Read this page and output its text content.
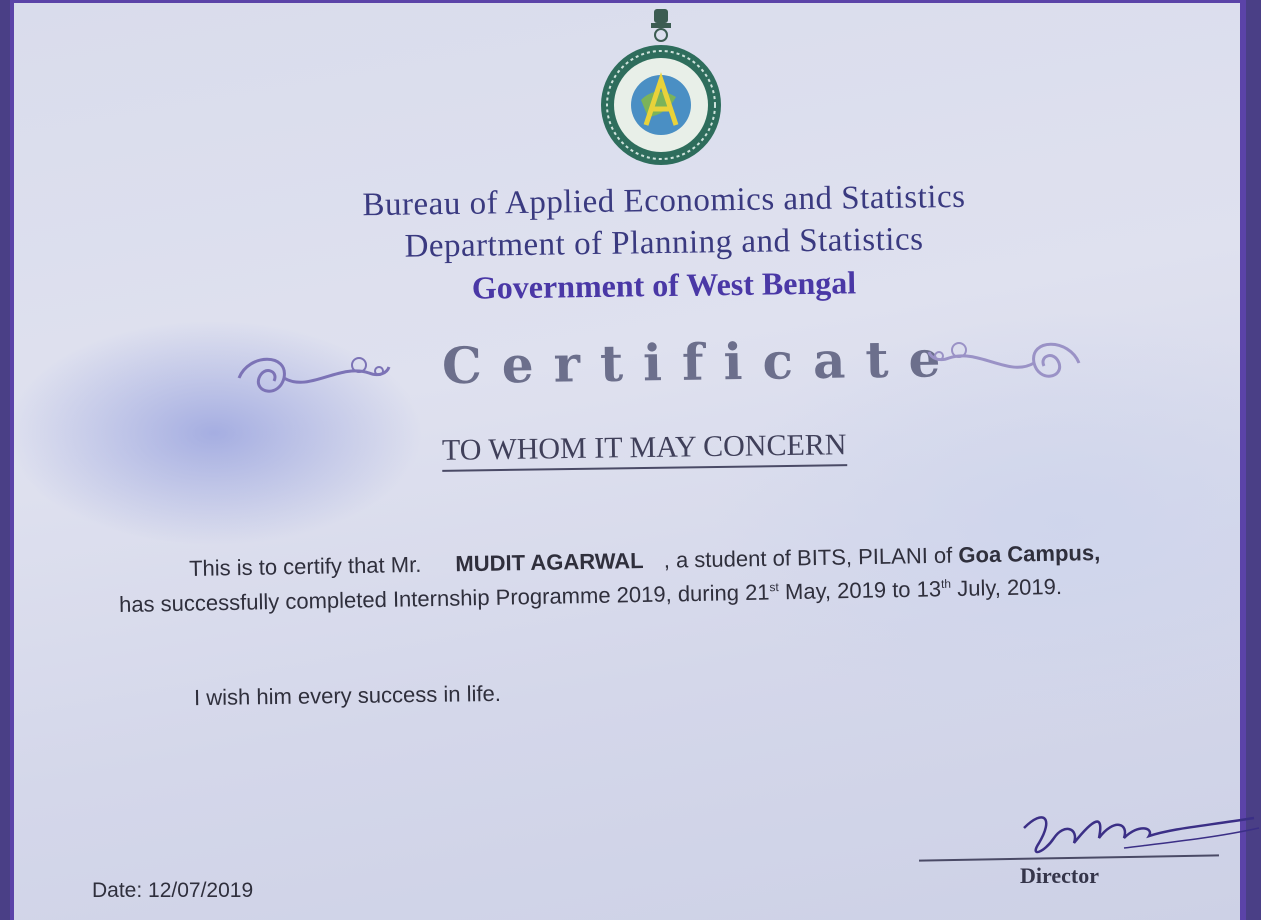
Bureau of Applied Economics and Statistics
Department of Planning and Statistics
Government of West Bengal
Certificate
TO WHOM IT MAY CONCERN
This is to certify that Mr. MUDIT AGARWAL , a student of BITS, PILANI of Goa Campus,
has successfully completed Internship Programme 2019, during 21st May, 2019 to 13th July, 2019.
I wish him every success in life.
Date: 12/07/2019
Director
